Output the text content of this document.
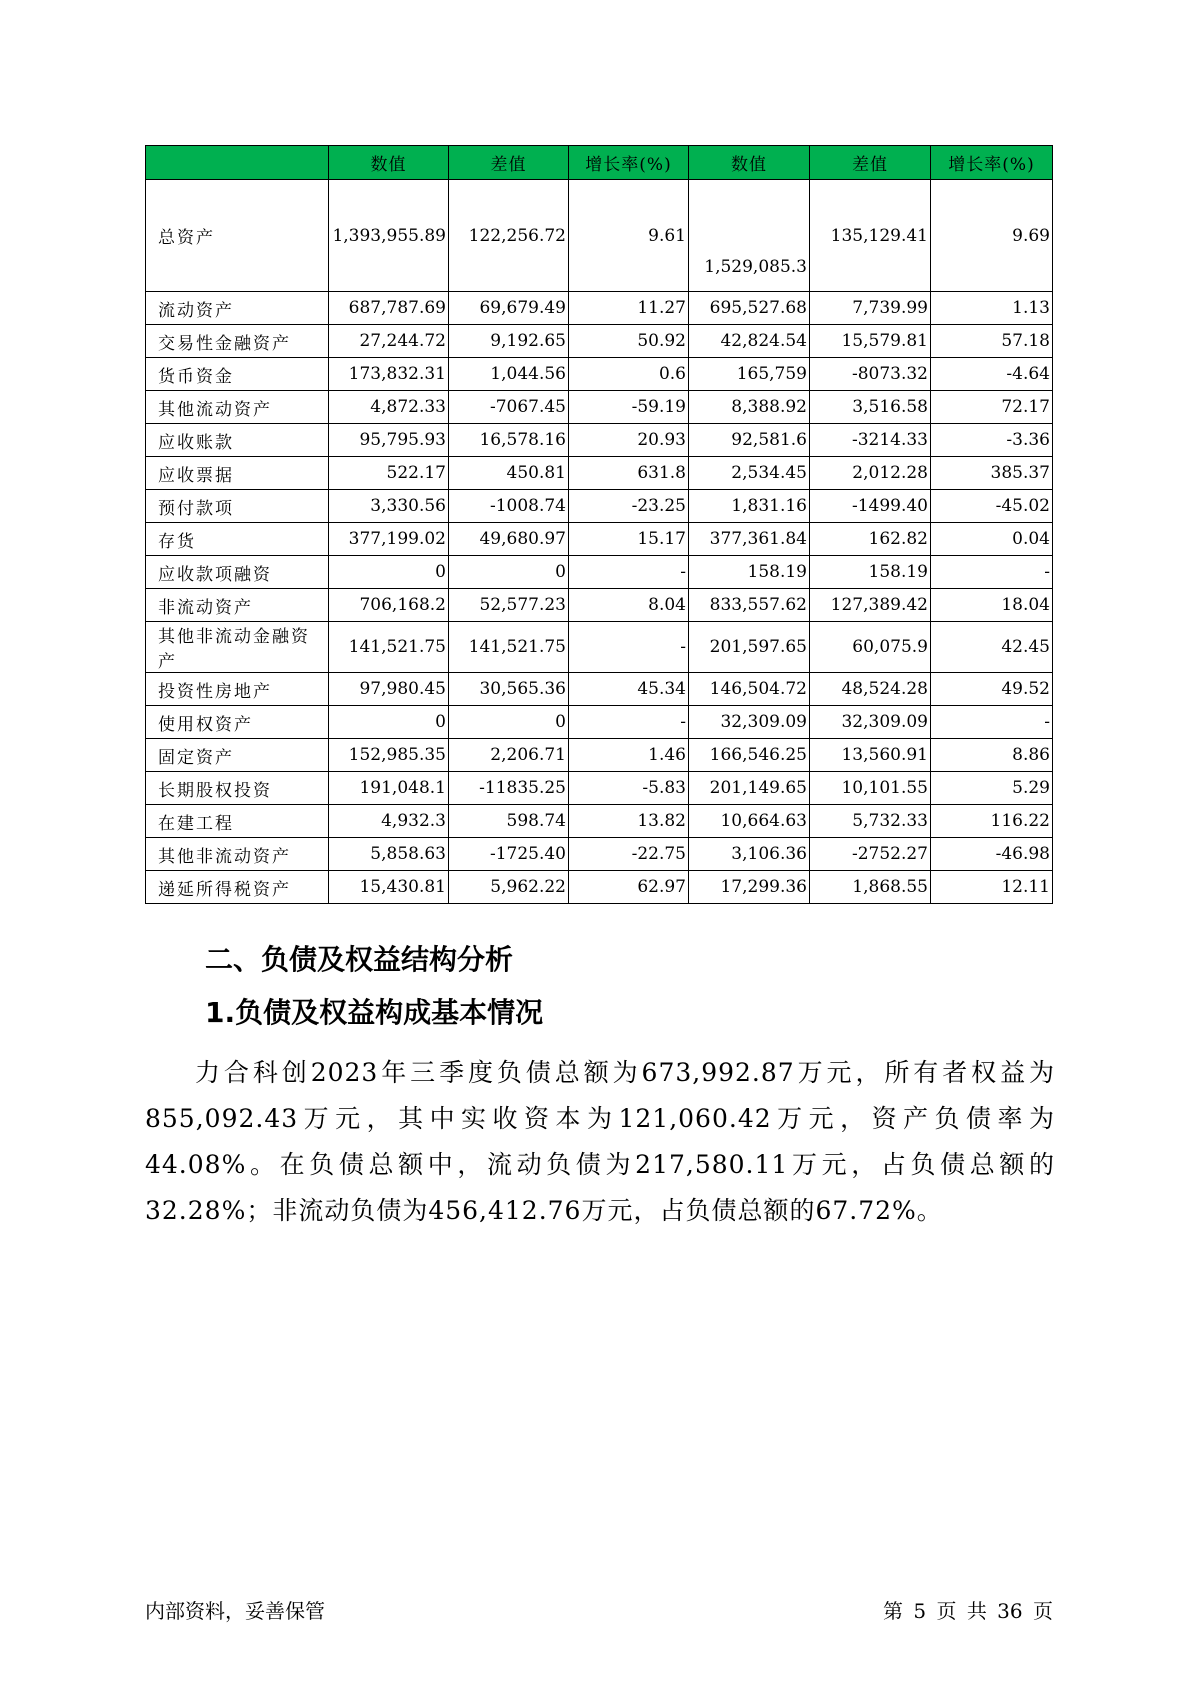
	数值	差值	增长率(%)	数值	差值	增长率(%)
总资产	1,393,955.89	122,256.72	9.61	1,529,085.3	135,129.41	9.69
流动资产	687,787.69	69,679.49	11.27	695,527.68	7,739.99	1.13
交易性金融资产	27,244.72	9,192.65	50.92	42,824.54	15,579.81	57.18
货币资金	173,832.31	1,044.56	0.6	165,759	-8073.32	-4.64
其他流动资产	4,872.33	-7067.45	-59.19	8,388.92	3,516.58	72.17
应收账款	95,795.93	16,578.16	20.93	92,581.6	-3214.33	-3.36
应收票据	522.17	450.81	631.8	2,534.45	2,012.28	385.37
预付款项	3,330.56	-1008.74	-23.25	1,831.16	-1499.40	-45.02
存货	377,199.02	49,680.97	15.17	377,361.84	162.82	0.04
应收款项融资	0	0	-	158.19	158.19	-
非流动资产	706,168.2	52,577.23	8.04	833,557.62	127,389.42	18.04
其他非流动金融资产	141,521.75	141,521.75	-	201,597.65	60,075.9	42.45
投资性房地产	97,980.45	30,565.36	45.34	146,504.72	48,524.28	49.52
使用权资产	0	0	-	32,309.09	32,309.09	-
固定资产	152,985.35	2,206.71	1.46	166,546.25	13,560.91	8.86
长期股权投资	191,048.1	-11835.25	-5.83	201,149.65	10,101.55	5.29
在建工程	4,932.3	598.74	13.82	10,664.63	5,732.33	116.22
其他非流动资产	5,858.63	-1725.40	-22.75	3,106.36	-2752.27	-46.98
递延所得税资产	15,430.81	5,962.22	62.97	17,299.36	1,868.55	12.11
二、负债及权益结构分析
1.负债及权益构成基本情况

力合科创2023年三季度负债总额为673,992.87万元，所有者权益为855,092.43万元，其中实收资本为121,060.42万元，资产负债率为44.08%。在负债总额中，流动负债为217,580.11万元，占负债总额的32.28%；非流动负债为456,412.76万元，占负债总额的67.72%。

内部资料，妥善保管	第 5 页 共 36 页
